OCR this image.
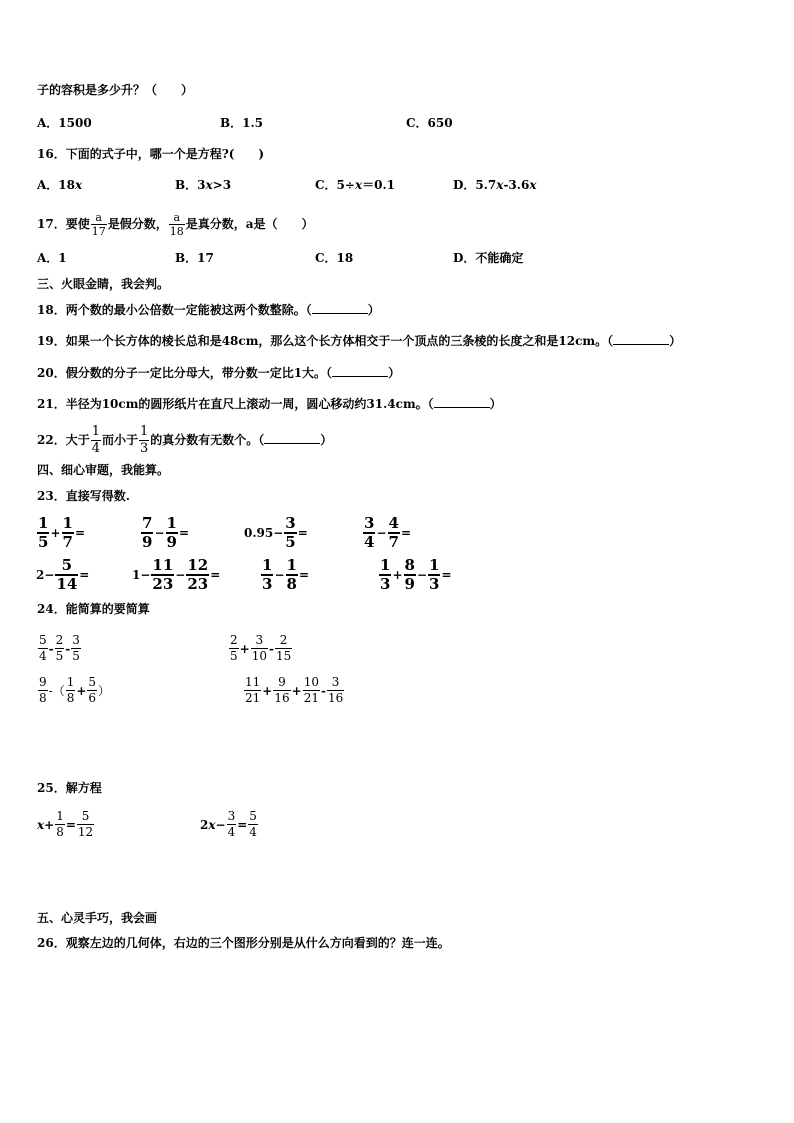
子的容积是多少升？（　　）
A．1500	B．1.5	C．650
16．下面的式子中，哪一个是方程?(　　)
A．18x	B．3x>3	C．5÷x＝0.1	D．5.7x-3.6x
17．要使 $\frac{a}{17}$ 是假分数， $\frac{a}{18}$ 是真分数，a是（　　）
A．1	B．17	C．18	D．不能确定
三、火眼金睛，我会判。
18．两个数的最小公倍数一定能被这两个数整除。（	）
19．如果一个长方体的棱长总和是48cm，那么这个长方体相交于一个顶点的三条棱的长度之和是12cm。（	）
20．假分数的分子一定比分母大，带分数一定比1大。（	）
21．半径为10cm的圆形纸片在直尺上滚动一周，圆心移动约31.4cm。（	）
22．大于 $\frac{1}{4}$ 而小于 $\frac{1}{3}$ 的真分数有无数个。（	）
四、细心审题，我能算。
23．直接写得数.
$\frac{1}{5} + \frac{1}{7}$ =	$\frac{7}{9} - \frac{1}{9}$ =	$0.95- \frac{3}{5}$ =	$\frac{3}{4} - \frac{4}{7}$ =
$2- \frac{5}{14}$ =	$1- \frac{11}{23} - \frac{12}{23}$ =	$\frac{1}{3} - \frac{1}{8}$ =	$\frac{1}{3} + \frac{8}{9} - \frac{1}{3}$ =
24．能简算的要简算
$\frac{5}{4} - \frac{2}{5} - \frac{3}{5}$	$\frac{2}{5} + \frac{3}{10} - \frac{2}{15}$
$\frac{9}{8}$ -（ $\frac{1}{8} + \frac{5}{6}$ ）	$\frac{11}{21} + \frac{9}{16} + \frac{10}{21} - \frac{3}{16}$
25．解方程
$x+ \frac{1}{8} = \frac{5}{12}$	$2x- \frac{3}{4} = \frac{5}{4}$
五、心灵手巧，我会画
26．观察左边的几何体，右边的三个图形分别是从什么方向看到的？连一连。
